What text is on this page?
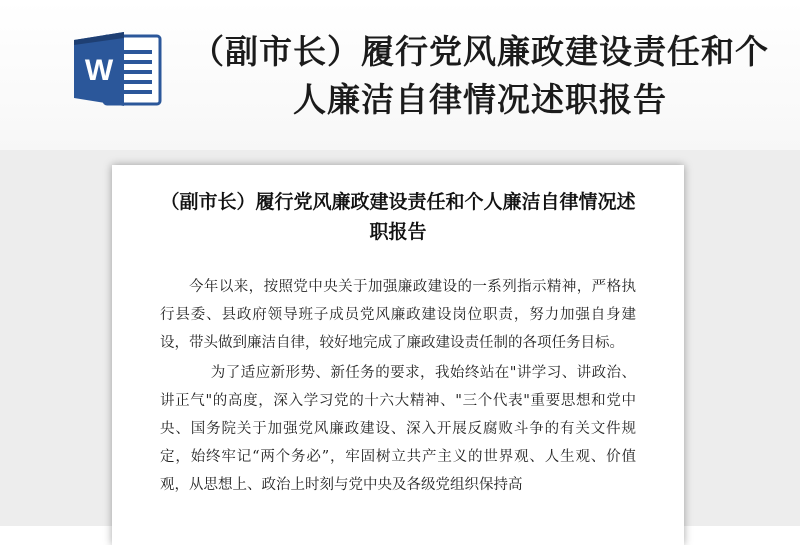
W	（副市长）履行党风廉政建设责任和个人廉洁自律情况述职报告
（副市长）履行党风廉政建设责任和个人廉洁自律情况述职报告

今年以来，按照党中央关于加强廉政建设的一系列指示精神，严格执行县委、县政府领导班子成员党风廉政建设岗位职责，努力加强自身建设，带头做到廉洁自律，较好地完成了廉政建设责任制的各项任务目标。

为了适应新形势、新任务的要求，我始终站在"讲学习、讲政治、讲正气"的高度，深入学习党的十六大精神、"三个代表"重要思想和党中央、国务院关于加强党风廉政建设、深入开展反腐败斗争的有关文件规定，始终牢记“两个务必”，牢固树立共产主义的世界观、人生观、价值观，从思想上、政治上时刻与党中央及各级党组织保持高
